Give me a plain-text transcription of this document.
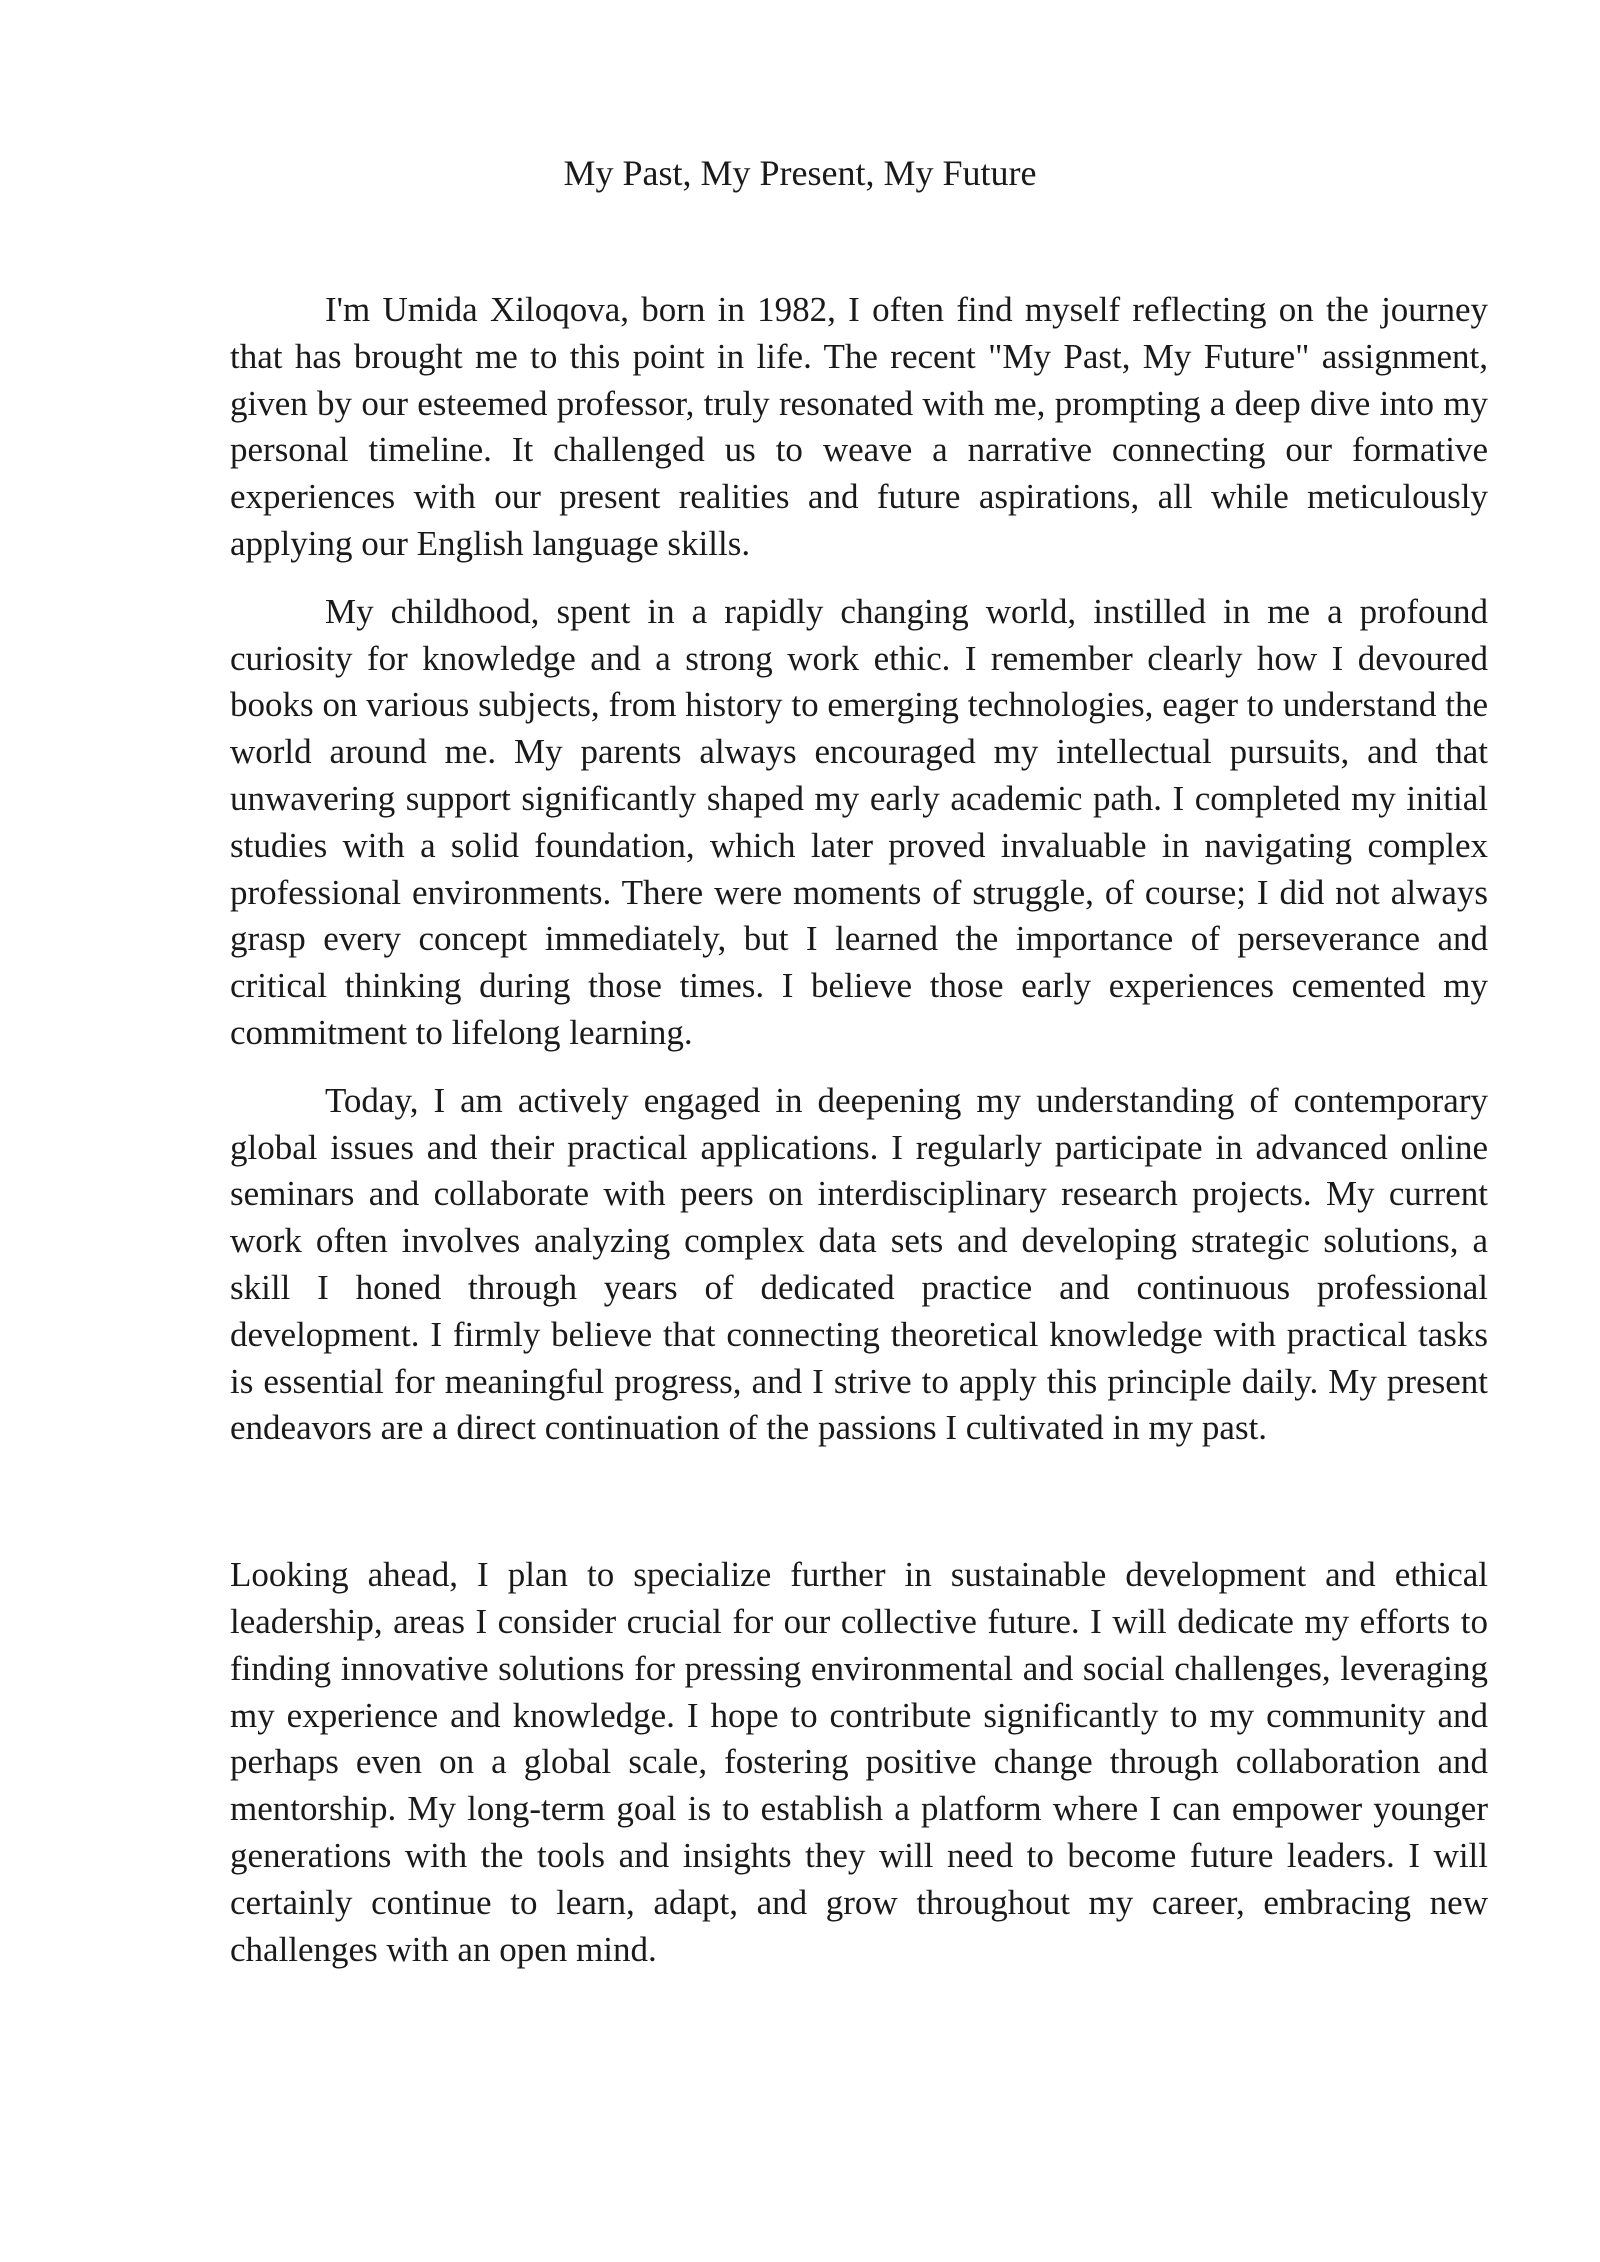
My Past, My Present, My Future

I'm Umida Xiloqova, born in 1982, I often find myself reflecting on the journey that has brought me to this point in life. The recent "My Past, My Future" assignment, given by our esteemed professor, truly resonated with me, prompting a deep dive into my personal timeline. It challenged us to weave a narrative connecting our formative experiences with our present realities and future aspirations, all while meticulously applying our English language skills.

My childhood, spent in a rapidly changing world, instilled in me a profound curiosity for knowledge and a strong work ethic. I remember clearly how I devoured books on various subjects, from history to emerging technologies, eager to understand the world around me. My parents always encouraged my intellectual pursuits, and that unwavering support significantly shaped my early academic path. I completed my initial studies with a solid foundation, which later proved invaluable in navigating complex professional environments. There were moments of struggle, of course; I did not always grasp every concept immediately, but I learned the importance of perseverance and critical thinking during those times. I believe those early experiences cemented my commitment to lifelong learning.

Today, I am actively engaged in deepening my understanding of contemporary global issues and their practical applications. I regularly participate in advanced online seminars and collaborate with peers on interdisciplinary research projects. My current work often involves analyzing complex data sets and developing strategic solutions, a skill I honed through years of dedicated practice and continuous professional development. I firmly believe that connecting theoretical knowledge with practical tasks is essential for meaningful progress, and I strive to apply this principle daily. My present endeavors are a direct continuation of the passions I cultivated in my past.

Looking ahead, I plan to specialize further in sustainable development and ethical leadership, areas I consider crucial for our collective future. I will dedicate my efforts to finding innovative solutions for pressing environmental and social challenges, leveraging my experience and knowledge. I hope to contribute significantly to my community and perhaps even on a global scale, fostering positive change through collaboration and mentorship. My long-term goal is to establish a platform where I can empower younger generations with the tools and insights they will need to become future leaders. I will certainly continue to learn, adapt, and grow throughout my career, embracing new challenges with an open mind.
